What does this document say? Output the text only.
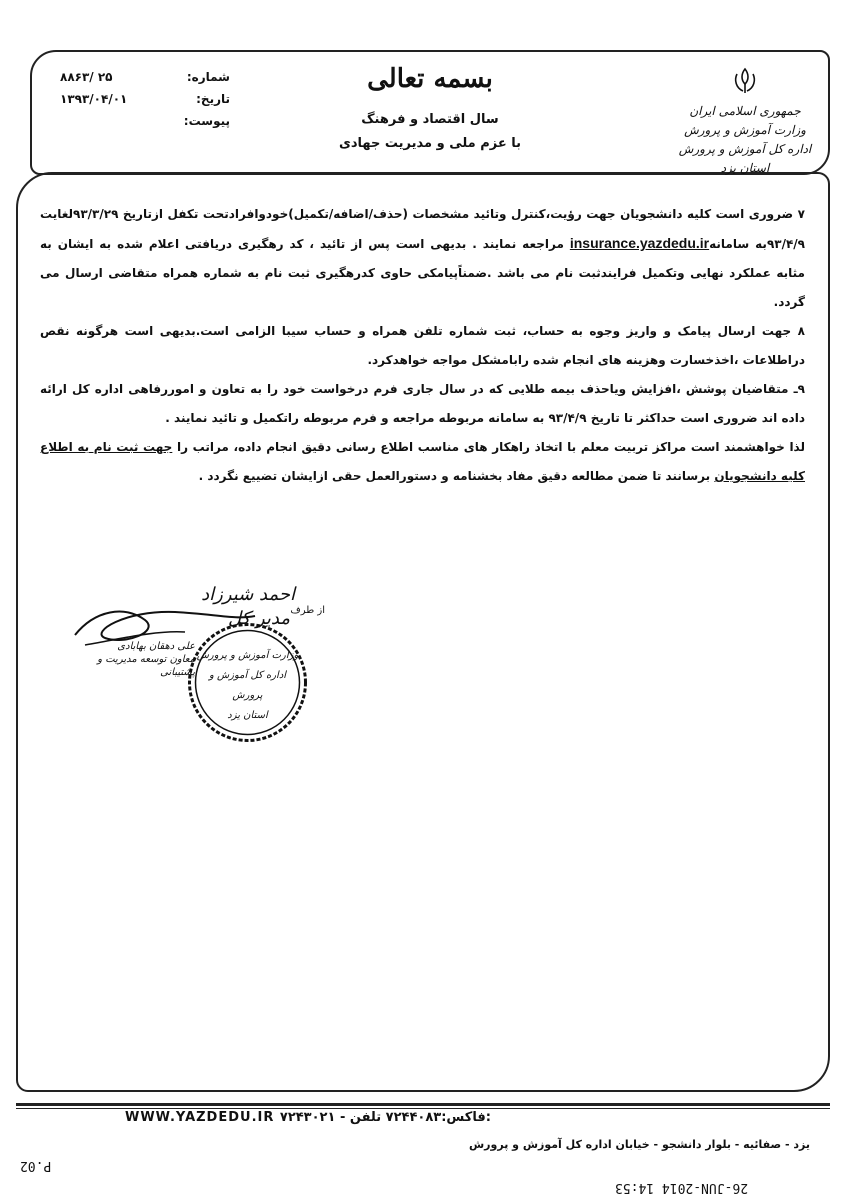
شماره:
۸۸۶۳/ ۲۵
تاریخ:
۱۳۹۳/۰۴/۰۱
پیوست:
بسمه تعالی
سال اقتصاد و فرهنگ
با عزم ملی و مدیریت جهادی
جمهوری اسلامی ایران
وزارت آموزش و پرورش
اداره کل آموزش و پرورش استان یزد

۷ ضروری است کلیه دانشجویان جهت رؤیت،کنترل وتائید مشخصات (حذف/اضافه/تکمیل)خودوافرادتحت تکفل ازتاریخ ۹۳/۳/۲۹لغایت ۹۳/۴/۹به سامانهinsurance.yazdedu.ir مراجعه نمایند . بدیهی است پس از تائید ، کد رهگیری دریافتی اعلام شده به ایشان به مثابه عملکرد نهایی وتکمیل فرایندثبت نام می باشد .ضمناًپیامکی حاوی کدرهگیری ثبت نام به شماره همراه متقاضی ارسال می گردد.

۸ جهت ارسال پیامک و واریز وجوه به حساب، ثبت شماره تلفن همراه و حساب سیبا الزامی است.بدیهی است هرگونه نقص دراطلاعات ،اخذخسارت وهزینه های انجام شده رابامشکل مواجه خواهدکرد.

۹ـ متقاضیان پوشش ،افزایش ویاحذف بیمه طلایی که در سال جاری فرم درخواست خود را به تعاون و اموررفاهی اداره کل ارائه داده اند ضروری است حداکثر تا تاریخ ۹۳/۴/۹ به سامانه مربوطه مراجعه و فرم مربوطه راتکمیل و تائید نمایند .

لذا خواهشمند است مراکز تربیت معلم با اتخاذ راهکار های مناسب اطلاع رسانی دقیق انجام داده، مراتب را جهت ثبت نام به اطلاع کلیه دانشجویان برسانند تا ضمن مطالعه دقیق مفاد بخشنامه و دستورالعمل حقی ازایشان تضییع نگردد .

احمد شیرزاد
مدیر کل از طرف
علی دهقان بهابادی
معاون توسعه مدیریت و پشتیبانی
وزارت آموزش و پرورش
اداره کل آموزش و پرورش
استان یزد
WWW.YAZDEDU.IR ۷۲۴۳۰۲۱ - فاکس:۷۲۴۴۰۸۳ تلفن:
یزد - صفائیه - بلوار دانشجو - خیابان اداره کل آموزش و پرورش
P.02
26-JUN-2014 14:53
